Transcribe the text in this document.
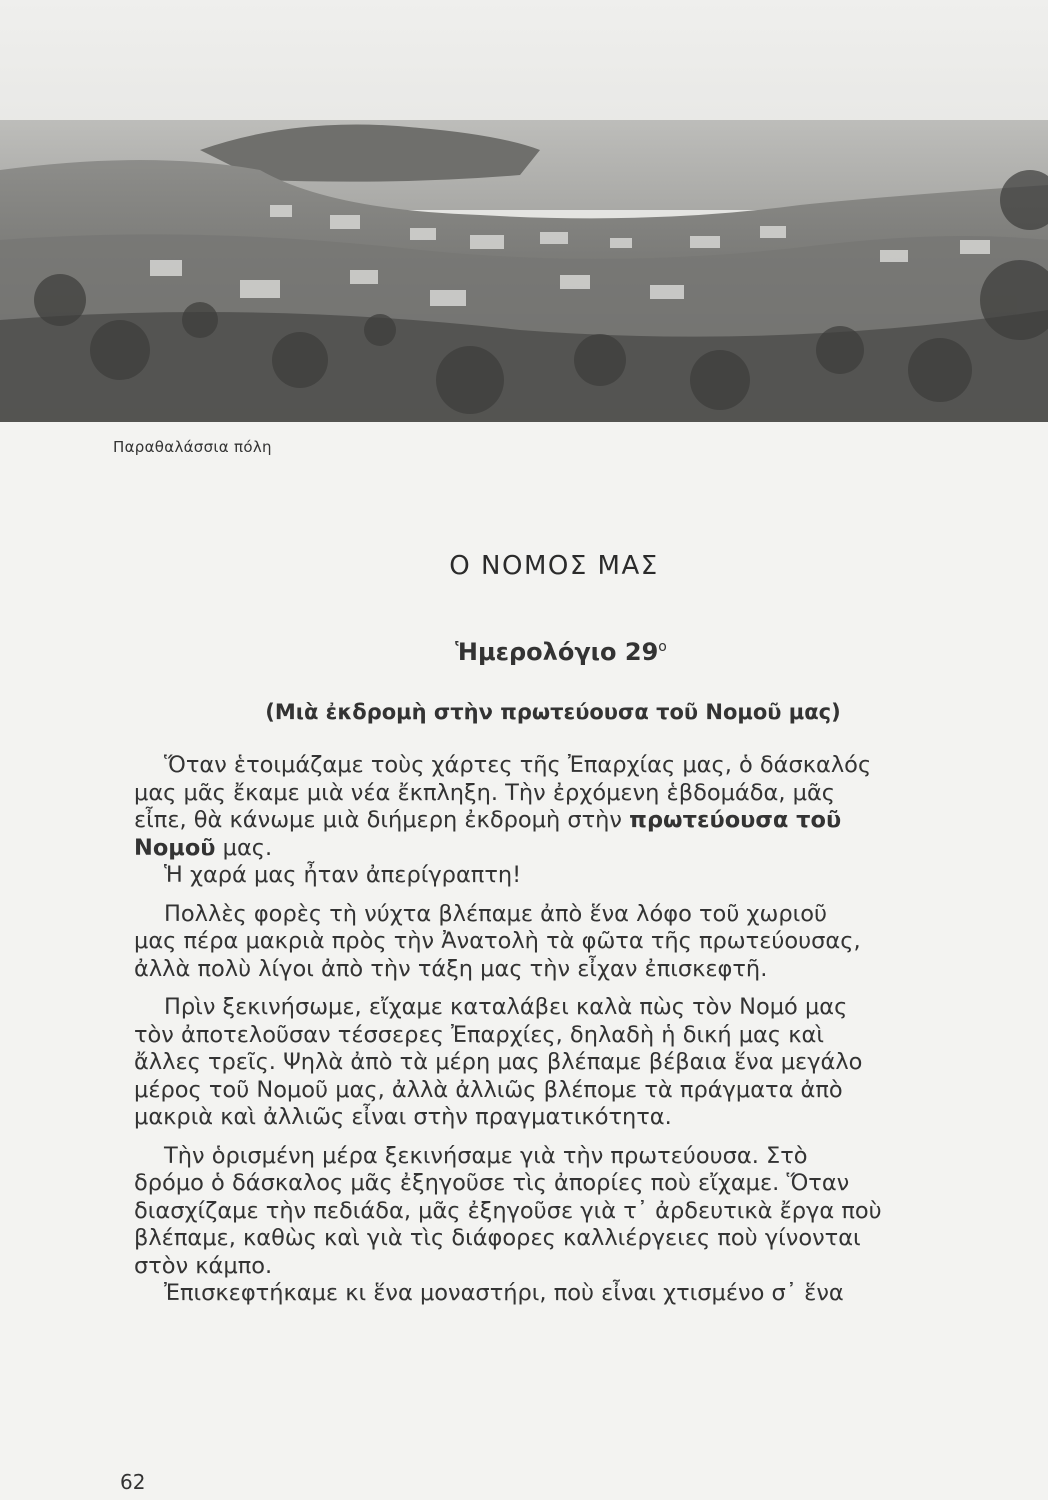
Παραθαλάσσια πόλη
Ο ΝΟΜΟΣ ΜΑΣ
Ἡμερολόγιο $29^o$
(Μιὰ ἐκδρομὴ στὴν πρωτεύουσα τοῦ Νομοῦ μας)
Ὅταν ἑτοιμάζαμε τοὺς χάρτες τῆς Ἐπαρχίας μας, ὁ δάσκαλός
μας μᾶς ἔκαμε μιὰ νέα ἔκπληξη. Τὴν ἐρχόμενη ἑβδομάδα, μᾶς
εἶπε, θὰ κάνωμε μιὰ διήμερη ἐκδρομὴ στὴν πρωτεύουσα τοῦ
Νομοῦ μας.
Ἡ χαρά μας ἦταν ἀπερίγραπτη!
Πολλὲς φορὲς τὴ νύχτα βλέπαμε ἀπὸ ἕνα λόφο τοῦ χωριοῦ
μας πέρα μακριὰ πρὸς τὴν Ἀνατολὴ τὰ φῶτα τῆς πρωτεύουσας,
ἀλλὰ πολὺ λίγοι ἀπὸ τὴν τάξη μας τὴν εἶχαν ἐπισκεφτῆ.
Πρὶν ξεκινήσωμε, εἴχαμε καταλάβει καλὰ πὼς τὸν Νομό μας
τὸν ἀποτελοῦσαν τέσσερες Ἐπαρχίες, δηλαδὴ ἡ δική μας καὶ
ἄλλες τρεῖς. Ψηλὰ ἀπὸ τὰ μέρη μας βλέπαμε βέβαια ἕνα μεγάλο
μέρος τοῦ Νομοῦ μας, ἀλλὰ ἀλλιῶς βλέπομε τὰ πράγματα ἀπὸ
μακριὰ καὶ ἀλλιῶς εἶναι στὴν πραγματικότητα.
Τὴν ὁρισμένη μέρα ξεκινήσαμε γιὰ τὴν πρωτεύουσα. Στὸ
δρόμο ὁ δάσκαλος μᾶς ἐξηγοῦσε τὶς ἀπορίες ποὺ εἴχαμε. Ὅταν
διασχίζαμε τὴν πεδιάδα, μᾶς ἐξηγοῦσε γιὰ τ᾽ ἀρδευτικὰ ἔργα ποὺ
βλέπαμε, καθὼς καὶ γιὰ τὶς διάφορες καλλιέργειες ποὺ γίνονται
στὸν κάμπο.
Ἐπισκεφτήκαμε κι ἕνα μοναστήρι, ποὺ εἶναι χτισμένο σ᾽ ἕνα
62
